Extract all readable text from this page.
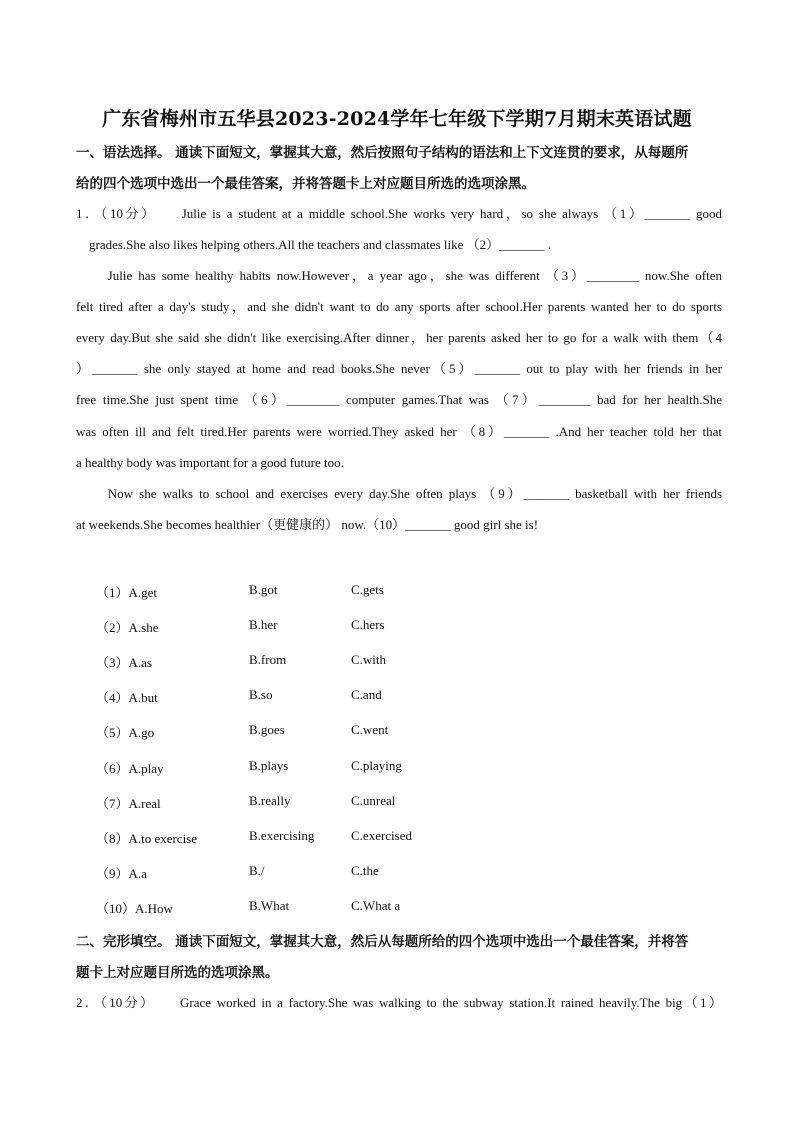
广东省梅州市五华县2023-2024学年七年级下学期7月期末英语试题
一、语法选择。 通读下面短文，掌握其大意，然后按照句子结构的语法和上下文连贯的要求，从每题所
给的四个选项中选出一个最佳答案，并将答题卡上对应题目所选的选项涂黑。
1．（10分）　　Julie is a student at a middle school.She works very hard，so she always （1）_______ good
　grades.She also likes helping others.All the teachers and classmates like （2）_______ .
　　Julie has some healthy habits now.However，a year ago，she was different （3）________ now.She often
felt tired after a day's study，and she didn't want to do any sports after school.Her parents wanted her to do sports
every day.But she said she didn't like exercising.After dinner，her parents asked her to go for a walk with them（4
）_______ she only stayed at home and read books.She never（5）_______ out to play with her friends in her
free time.She just spent time （6）________ computer games.That was （7）________ bad for her health.She
was often ill and felt tired.Her parents were worried.They asked her （8）_______ .And her teacher told her that
a healthy body was important for a good future too.
　　Now she walks to school and exercises every day.She often plays （9）_______ basketball with her friends
at weekends.She becomes healthier（更健康的） now.（10）_______ good girl she is!
（1）A.get	B.got	C.gets
（2）A.she	B.her	C.hers
（3）A.as	B.from	C.with
（4）A.but	B.so	C.and
（5）A.go	B.goes	C.went
（6）A.play	B.plays	C.playing
（7）A.real	B.really	C.unreal
（8）A.to exercise	B.exercising	C.exercised
（9）A.a	B./	C.the
（10）A.How	B.What	C.What a
二、完形填空。 通读下面短文，掌握其大意，然后从每题所给的四个选项中选出一个最佳答案，并将答
题卡上对应题目所选的选项涂黑。
2．（10分）　　Grace worked in a factory.She was walking to the subway station.It rained heavily.The big（1）
